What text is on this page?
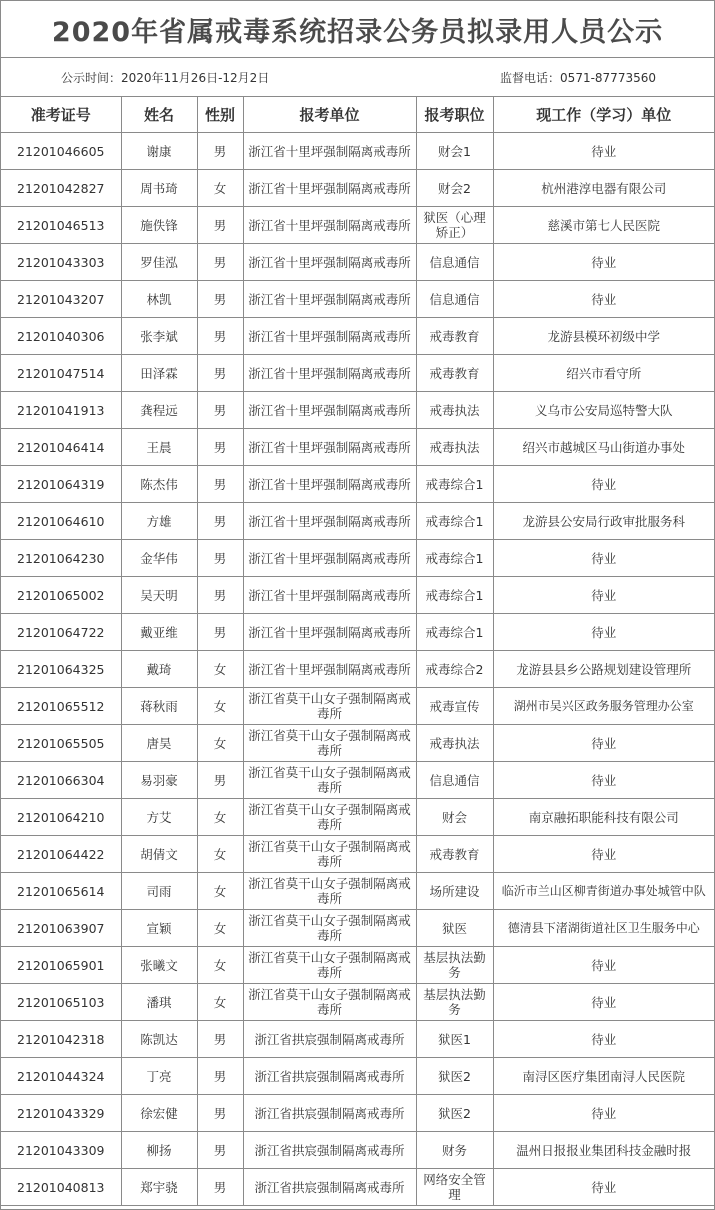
2020年省属戒毒系统招录公务员拟录用人员公示
公示时间：2020年11月26日-12月2日	监督电话：0571-87773560
准考证号	姓名	性别	报考单位	报考职位	现工作（学习）单位
21201046605	谢康	男	浙江省十里坪强制隔离戒毒所	财会1	待业
21201042827	周书琦	女	浙江省十里坪强制隔离戒毒所	财会2	杭州港淳电器有限公司
21201046513	施佚锋	男	浙江省十里坪强制隔离戒毒所	狱医（心理矫正）	慈溪市第七人民医院
21201043303	罗佳泓	男	浙江省十里坪强制隔离戒毒所	信息通信	待业
21201043207	林凯	男	浙江省十里坪强制隔离戒毒所	信息通信	待业
21201040306	张李斌	男	浙江省十里坪强制隔离戒毒所	戒毒教育	龙游县模环初级中学
21201047514	田泽霖	男	浙江省十里坪强制隔离戒毒所	戒毒教育	绍兴市看守所
21201041913	龚程远	男	浙江省十里坪强制隔离戒毒所	戒毒执法	义乌市公安局巡特警大队
21201046414	王晨	男	浙江省十里坪强制隔离戒毒所	戒毒执法	绍兴市越城区马山街道办事处
21201064319	陈杰伟	男	浙江省十里坪强制隔离戒毒所	戒毒综合1	待业
21201064610	方雄	男	浙江省十里坪强制隔离戒毒所	戒毒综合1	龙游县公安局行政审批服务科
21201064230	金华伟	男	浙江省十里坪强制隔离戒毒所	戒毒综合1	待业
21201065002	吴天明	男	浙江省十里坪强制隔离戒毒所	戒毒综合1	待业
21201064722	戴亚维	男	浙江省十里坪强制隔离戒毒所	戒毒综合1	待业
21201064325	戴琦	女	浙江省十里坪强制隔离戒毒所	戒毒综合2	龙游县县乡公路规划建设管理所
21201065512	蒋秋雨	女	浙江省莫干山女子强制隔离戒毒所	戒毒宣传	湖州市吴兴区政务服务管理办公室
21201065505	唐昊	女	浙江省莫干山女子强制隔离戒毒所	戒毒执法	待业
21201066304	易羽豪	男	浙江省莫干山女子强制隔离戒毒所	信息通信	待业
21201064210	方艾	女	浙江省莫干山女子强制隔离戒毒所	财会	南京融拓职能科技有限公司
21201064422	胡倩文	女	浙江省莫干山女子强制隔离戒毒所	戒毒教育	待业
21201065614	司雨	女	浙江省莫干山女子强制隔离戒毒所	场所建设	临沂市兰山区柳青街道办事处城管中队
21201063907	宣颖	女	浙江省莫干山女子强制隔离戒毒所	狱医	德清县下渚湖街道社区卫生服务中心
21201065901	张曦文	女	浙江省莫干山女子强制隔离戒毒所	基层执法勤务	待业
21201065103	潘琪	女	浙江省莫干山女子强制隔离戒毒所	基层执法勤务	待业
21201042318	陈凯达	男	浙江省拱宸强制隔离戒毒所	狱医1	待业
21201044324	丁亮	男	浙江省拱宸强制隔离戒毒所	狱医2	南浔区医疗集团南浔人民医院
21201043329	徐宏健	男	浙江省拱宸强制隔离戒毒所	狱医2	待业
21201043309	柳扬	男	浙江省拱宸强制隔离戒毒所	财务	温州日报报业集团科技金融时报
21201040813	郑宇骁	男	浙江省拱宸强制隔离戒毒所	网络安全管理	待业
